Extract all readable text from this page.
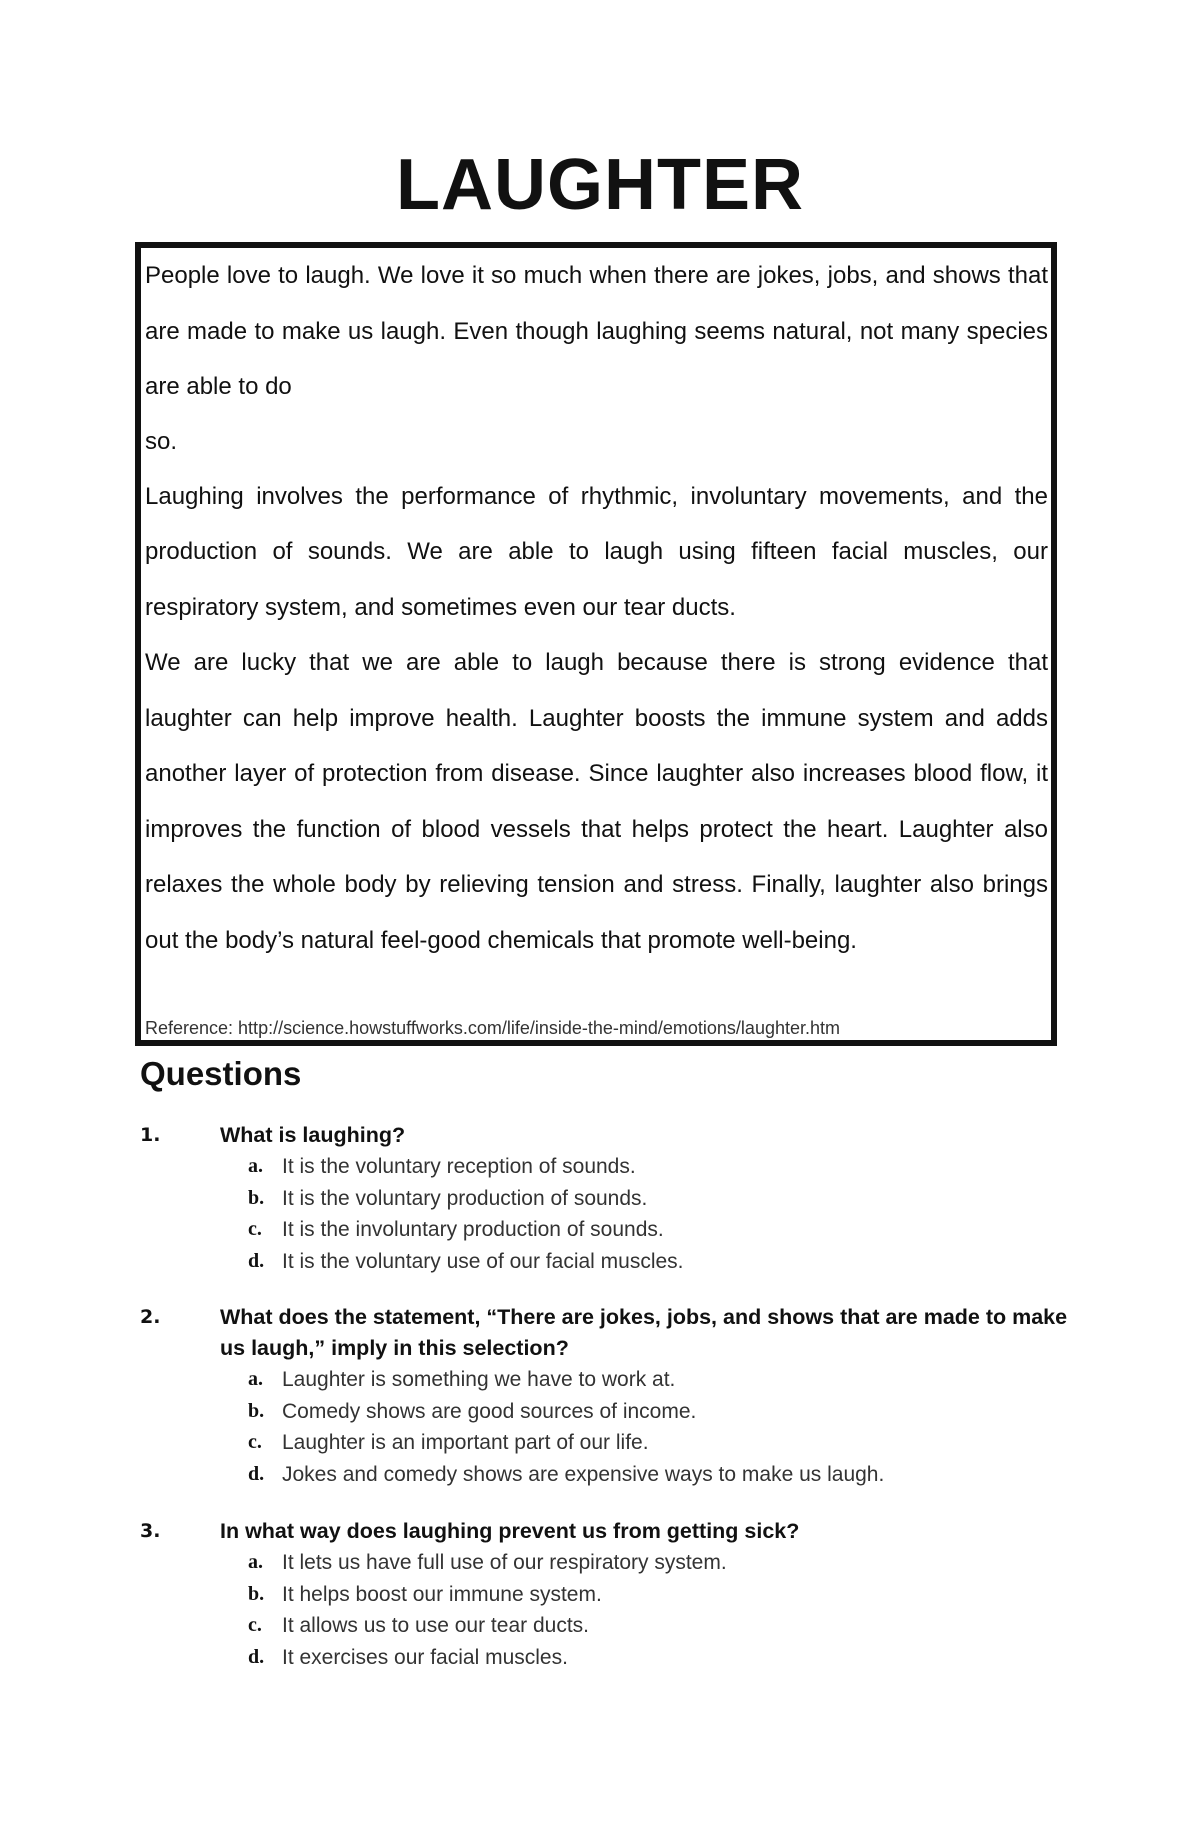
LAUGHTER

People love to laugh. We love it so much when there are jokes, jobs, and shows that are made to make us laugh. Even though laughing seems natural, not many species are able to do

so.

Laughing involves the performance of rhythmic, involuntary movements, and the production of sounds. We are able to laugh using fifteen facial muscles, our respiratory system, and sometimes even our tear ducts.

We are lucky that we are able to laugh because there is strong evidence that laughter can help improve health. Laughter boosts the immune system and adds another layer of protection from disease. Since laughter also increases blood flow, it improves the function of blood vessels that helps protect the heart. Laughter also relaxes the whole body by relieving tension and stress. Finally, laughter also brings out the body’s natural feel-good chemicals that promote well-being.

Reference: http://science.howstuffworks.com/life/inside-the-mind/emotions/laughter.htm
Questions
1.	What is laughing?
a. It is the voluntary reception of sounds.
b. It is the voluntary production of sounds.
c. It is the involuntary production of sounds.
d. It is the voluntary use of our facial muscles.
2.	What does the statement, “There are jokes, jobs, and shows that are made to make us laugh,” imply in this selection?
a. Laughter is something we have to work at.
b. Comedy shows are good sources of income.
c. Laughter is an important part of our life.
d. Jokes and comedy shows are expensive ways to make us laugh.
3.	In what way does laughing prevent us from getting sick?
a. It lets us have full use of our respiratory system.
b. It helps boost our immune system.
c. It allows us to use our tear ducts.
d. It exercises our facial muscles.
